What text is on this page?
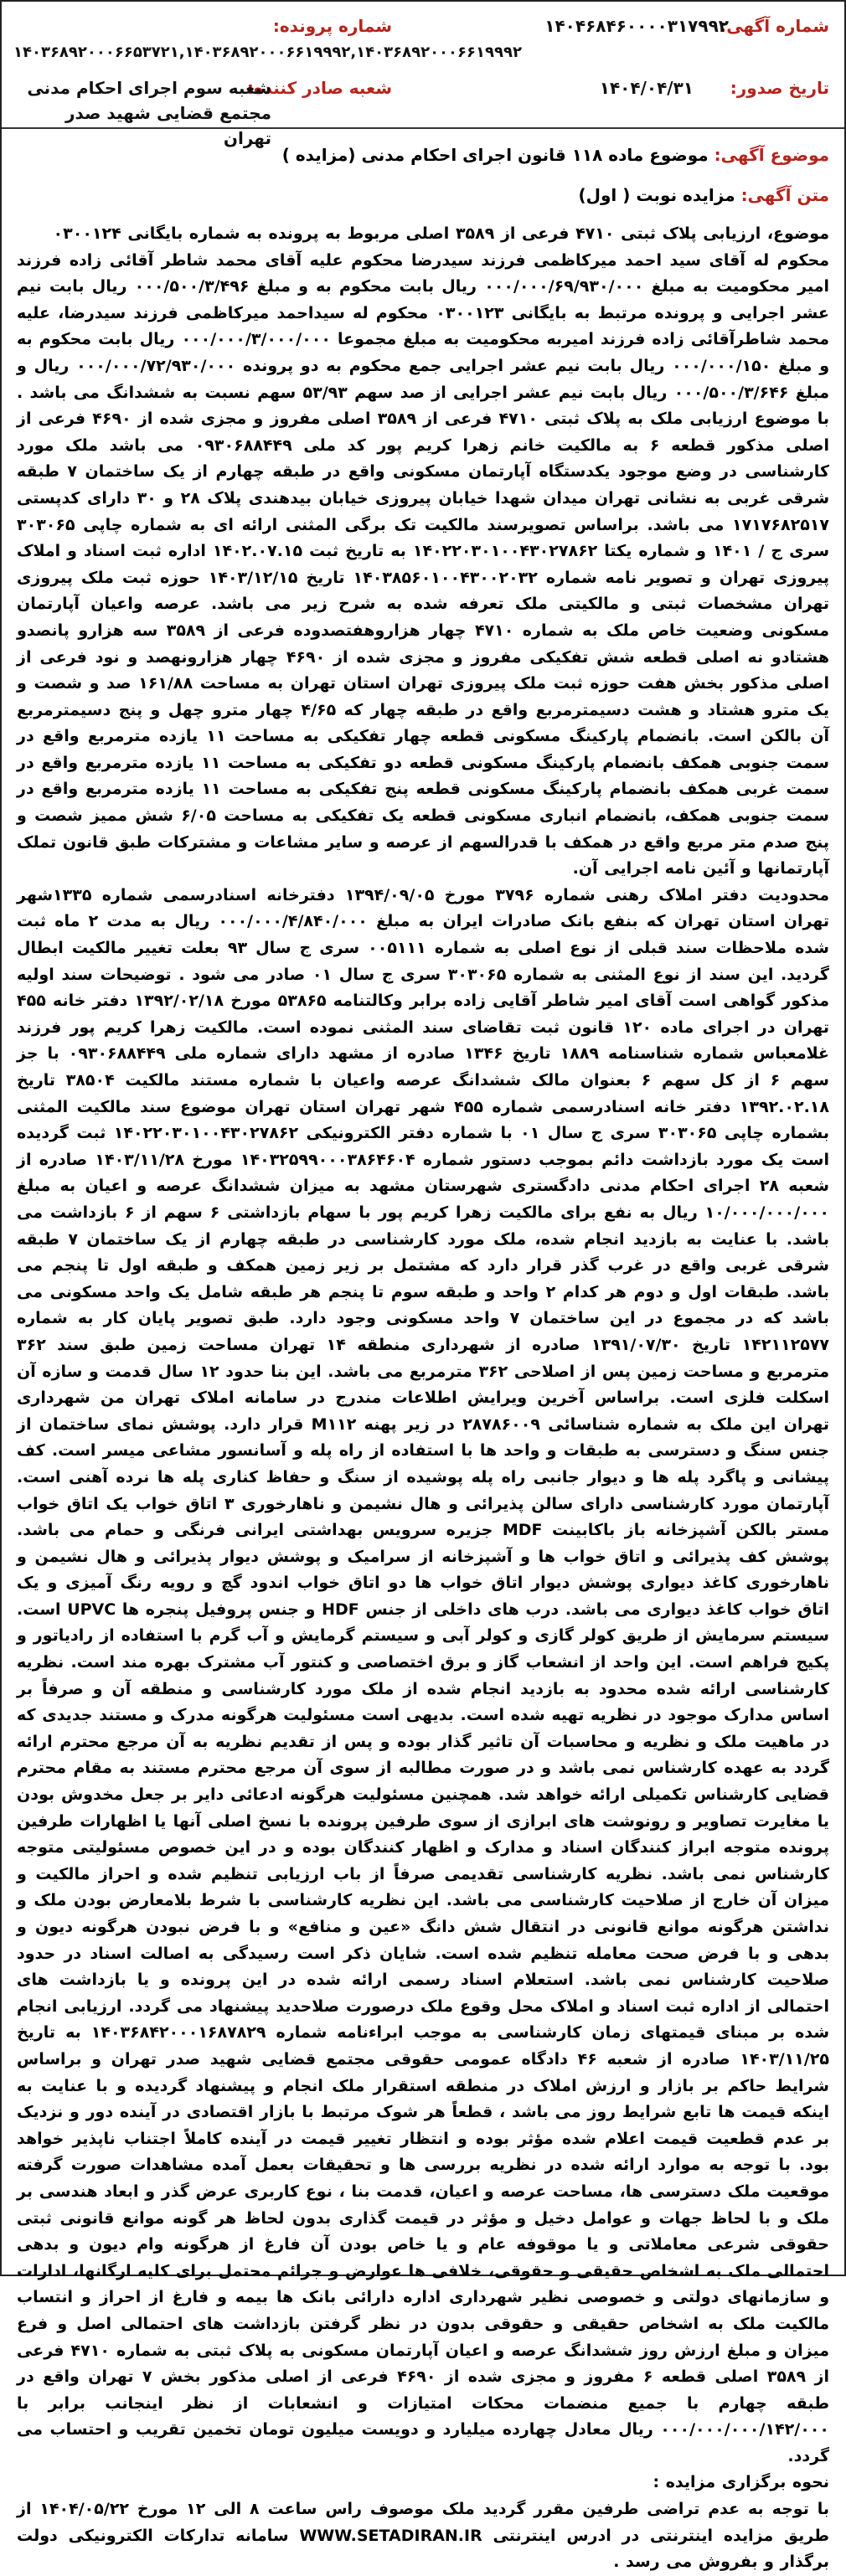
شماره آگهی:
۱۴۰۴۶۸۴۶۰۰۰۰۳۱۷۹۹۲
شماره پرونده:
۱۴۰۳۶۸۹۲۰۰۰۶۶۵۳۷۲۱,۱۴۰۳۶۸۹۲۰۰۰۶۶۱۹۹۹۲,۱۴۰۳۶۸۹۲۰۰۰۶۶۱۹۹۹۲
تاریخ صدور:
۱۴۰۴/۰۴/۳۱
شعبه صادر کننده:
شعبه سوم اجرای احکام مدنی مجتمع قضایی شهید صدر تهران
موضوع آگهی: موضوع ماده ۱۱۸ قانون اجرای احکام مدنی (مزایده )
متن آگهی: مزایده نوبت ( اول)

موضوع، ارزیابی پلاک ثبتی ۴۷۱۰ فرعی از ۳۵۸۹ اصلی مربوط به پرونده به شماره بایگانی ۰۳۰۰۱۲۴

محکوم له آقای سید احمد میرکاظمی فرزند سیدرضا محکوم علیه آقای محمد شاطر آقائی زاده فرزند امیر محکومیت به مبلغ ۰۰۰/۰۰۰/۶۹/۹۳۰/۰۰۰ ریال بابت محکوم به و مبلغ ۰۰۰/۵۰۰/۳/۴۹۶ ریال بابت نیم عشر اجرایی و پرونده مرتبط به بایگانی ۰۳۰۰۱۲۳ محکوم له سیداحمد میرکاظمی فرزند سیدرضا، علیه محمد شاطرآقائی زاده فرزند امیربه محکومیت به مبلغ مجموعا ۰۰۰/۰۰۰/۳/۰۰۰/۰۰۰ ریال بابت محکوم به و مبلغ ۰۰۰/۰۰۰/۱۵۰ ریال بابت نیم عشر اجرایی جمع محکوم به دو پرونده ۰۰۰/۰۰۰/۷۲/۹۳۰/۰۰۰ ریال و مبلغ ۰۰۰/۵۰۰/۳/۶۴۶ ریال بابت نیم عشر اجرایی از صد سهم ۵۳/۹۳ سهم نسبت به ششدانگ می باشد . با موضوع ارزیابی ملک به پلاک ثبتی ۴۷۱۰ فرعی از ۳۵۸۹ اصلی مفروز و مجزی شده از ۴۶۹۰ فرعی از اصلی مذکور قطعه ۶ به مالکیت خانم زهرا کریم پور کد ملی ۰۹۳۰۶۸۸۴۴۹ می باشد ملک مورد کارشناسی در وضع موجود یکدستگاه آپارتمان مسکونی واقع در طبقه چهارم از یک ساختمان ۷ طبقه شرقی غربی به نشانی تهران میدان شهدا خیابان پیروزی خیابان بیدهندی پلاک ۲۸ و ۳۰ دارای کدپستی ۱۷۱۷۶۸۲۵۱۷ می باشد. براساس تصویرسند مالکیت تک برگی المثنی ارائه ای به شماره چاپی ۳۰۳۰۶۵ سری ج / ۱۴۰۱ و شماره یکتا ۱۴۰۲۲۰۳۰۱۰۰۴۳۰۲۷۸۶۲ به تاریخ ثبت ۱۴۰۲.۰۷.۱۵ اداره ثبت اسناد و املاک پیروزی تهران و تصویر نامه شماره ۱۴۰۳۸۵۶۰۱۰۰۴۳۰۰۲۰۳۲ تاریخ ۱۴۰۳/۱۲/۱۵ حوزه ثبت ملک پیروزی تهران مشخصات ثبتی و مالکیتی ملک تعرفه شده به شرح زیر می باشد. عرصه واعیان آپارتمان مسکونی وضعیت خاص ملک به شماره ۴۷۱۰ چهار هزاروهفتصدوده فرعی از ۳۵۸۹ سه هزارو پانصدو هشتادو نه اصلی قطعه شش تفکیکی مفروز و مجزی شده از ۴۶۹۰ چهار هزارونهصد و نود فرعی از اصلی مذکور بخش هفت حوزه ثبت ملک پیروزی تهران استان تهران به مساحت ۱۶۱/۸۸ صد و شصت و یک مترو هشتاد و هشت دسیمترمربع واقع در طبقه چهار که ۴/۶۵ چهار مترو چهل و پنج دسیمترمربع آن بالکن است. بانضمام پارکینگ مسکونی قطعه چهار تفکیکی به مساحت ۱۱ یازده مترمربع واقع در سمت جنوبی همکف بانضمام پارکینگ مسکونی قطعه دو تفکیکی به مساحت ۱۱ یازده مترمربع واقع در سمت غربی همکف بانضمام پارکینگ مسکونی قطعه پنج تفکیکی به مساحت ۱۱ یازده مترمربع واقع در سمت جنوبی همکف، بانضمام انباری مسکونی قطعه یک تفکیکی به مساحت ۶/۰۵ شش ممیز شصت و پنج صدم متر مربع واقع در همکف با قدرالسهم از عرصه و سایر مشاعات و مشترکات طبق قانون تملک آپارتمانها و آئین نامه اجرایی آن.

محدودیت دفتر املاک رهنی شماره ۳۷۹۶ مورخ ۱۳۹۴/۰۹/۰۵ دفترخانه اسنادرسمی شماره ۱۳۳۵شهر تهران استان تهران که بنفع بانک صادرات ایران به مبلغ ۰۰۰/۰۰۰/۴/۸۴۰/۰۰۰ ریال به مدت ۲ ماه ثبت شده ملاحظات سند قبلی از نوع اصلی به شماره ۰۰۵۱۱۱ سری ج سال ۹۳ بعلت تغییر مالکیت ابطال گردید. این سند از نوع المثنی به شماره ۳۰۳۰۶۵ سری ج سال ۰۱ صادر می شود . توضیحات سند اولیه مذکور گواهی است آقای امیر شاطر آقایی زاده برابر وکالتنامه ۵۳۸۶۵ مورخ ۱۳۹۲/۰۲/۱۸ دفتر خانه ۴۵۵ تهران در اجرای ماده ۱۲۰ قانون ثبت تقاضای سند المثنی نموده است. مالکیت زهرا کریم پور فرزند غلامعباس شماره شناسنامه ۱۸۸۹ تاریخ ۱۳۴۶ صادره از مشهد دارای شماره ملی ۰۹۳۰۶۸۸۴۴۹ با جز سهم ۶ از کل سهم ۶ بعنوان مالک ششدانگ عرصه واعیان با شماره مستند مالکیت ۳۸۵۰۴ تاریخ ۱۳۹۲.۰۲.۱۸ دفتر خانه اسنادرسمی شماره ۴۵۵ شهر تهران استان تهران موضوع سند مالکیت المثنی بشماره چاپی ۳۰۳۰۶۵ سری ج سال ۰۱ با شماره دفتر الکترونیکی ۱۴۰۲۲۰۳۰۱۰۰۴۳۰۲۷۸۶۲ ثبت گردیده است یک مورد بازداشت دائم بموجب دستور شماره ۱۴۰۳۲۵۹۹۰۰۰۳۸۶۴۶۰۴ مورخ ۱۴۰۳/۱۱/۲۸ صادره از شعبه ۲۸ اجرای احکام مدنی دادگستری شهرستان مشهد به میزان ششدانگ عرصه و اعیان به مبلغ ۱۰/۰۰۰/۰۰۰/۰۰۰ ریال به نفع برای مالکیت زهرا کریم پور با سهام بازداشتی ۶ سهم از ۶ بازداشت می باشد. با عنایت به بازدید انجام شده، ملک مورد کارشناسی در طبقه چهارم از یک ساختمان ۷ طبقه شرقی غربی واقع در غرب گذر قرار دارد که مشتمل بر زیر زمین همکف و طبقه اول تا پنجم می باشد. طبقات اول و دوم هر کدام ۲ واحد و طبقه سوم تا پنجم هر طبقه شامل یک واحد مسکونی می باشد که در مجموع در این ساختمان ۷ واحد مسکونی وجود دارد. طبق تصویر پایان کار به شماره ۱۴۲۱۱۲۵۷۷ تاریخ ۱۳۹۱/۰۷/۳۰ صادره از شهرداری منطقه ۱۴ تهران مساحت زمین طبق سند ۳۶۲ مترمربع و مساحت زمین پس از اصلاحی ۳۶۲ مترمربع می باشد. این بنا حدود ۱۲ سال قدمت و سازه آن اسکلت فلزی است. براساس آخرین ویرایش اطلاعات مندرج در سامانه املاک تهران من شهرداری تهران این ملک به شماره شناسائی ۲۸۷۸۶۰۰۹ در زیر پهنه M۱۱۲ قرار دارد. پوشش نمای ساختمان از جنس سنگ و دسترسی به طبقات و واحد ها با استفاده از راه پله و آسانسور مشاعی میسر است. کف پیشانی و پاگرد پله ها و دیوار جانبی راه پله پوشیده از سنگ و حفاظ کناری پله ها نرده آهنی است. آپارتمان مورد کارشناسی دارای سالن پذیرائی و هال نشیمن و ناهارخوری ۳ اتاق خواب یک اتاق خواب مستر بالکن آشپزخانه باز باکابینت MDF جزیره سرویس بهداشتی ایرانی فرنگی و حمام می باشد. پوشش کف پذیرائی و اتاق خواب ها و آشپزخانه از سرامیک و پوشش دیوار پذیرائی و هال نشیمن و ناهارخوری کاغذ دیواری پوشش دیوار اتاق خواب ها دو اتاق خواب اندود گچ و رویه رنگ آمیزی و یک اتاق خواب کاغذ دیواری می باشد. درب های داخلی از جنس HDF و جنس پروفیل پنجره ها UPVC است. سیستم سرمایش از طریق کولر گازی و کولر آبی و سیستم گرمایش و آب گرم با استفاده از رادیاتور و پکیج فراهم است. این واحد از انشعاب گاز و برق اختصاصی و کنتور آب مشترک بهره مند است. نظریه کارشناسی ارائه شده محدود به بازدید انجام شده از ملک مورد کارشناسی و منطقه آن و صرفاً بر اساس مدارک موجود در نظریه تهیه شده است. بدیهی است مسئولیت هرگونه مدرک و مستند جدیدی که در ماهیت ملک و نظریه و محاسبات آن تاثیر گذار بوده و پس از تقدیم نظریه به آن مرجع محترم ارائه گردد به عهده کارشناس نمی باشد و در صورت مطالبه از سوی آن مرجع محترم مستند به مقام محترم قضایی کارشناس تکمیلی ارائه خواهد شد. همچنین مسئولیت هرگونه ادعائی دایر بر جعل مخدوش بودن یا مغایرت تصاویر و رونوشت های ابرازی از سوی طرفین پرونده با نسخ اصلی آنها یا اظهارات طرفین پرونده متوجه ابراز کنندگان اسناد و مدارک و اظهار کنندگان بوده و در این خصوص مسئولیتی متوجه کارشناس نمی باشد. نظریه کارشناسی تقدیمی صرفاً از باب ارزیابی تنظیم شده و احراز مالکیت و میزان آن خارج از صلاحیت کارشناسی می باشد. این نظریه کارشناسی با شرط بلامعارض بودن ملک و نداشتن هرگونه موانع قانونی در انتقال شش دانگ «عین و منافع» و با فرض نبودن هرگونه دیون و بدهی و با فرض صحت معامله تنظیم شده است. شایان ذکر است رسیدگی به اصالت اسناد در حدود صلاحیت کارشناس نمی باشد. استعلام اسناد رسمی ارائه شده در این پرونده و یا بازداشت های احتمالی از اداره ثبت اسناد و املاک محل وقوع ملک درصورت صلاحدید پیشنهاد می گردد. ارزیابی انجام شده بر مبنای قیمتهای زمان کارشناسی به موجب ابراءنامه شماره ۱۴۰۳۶۸۴۲۰۰۰۱۶۸۷۸۲۹ به تاریخ ۱۴۰۳/۱۱/۲۵ صادره از شعبه ۴۶ دادگاه عمومی حقوقی مجتمع قضایی شهید صدر تهران و براساس شرایط حاکم بر بازار و ارزش املاک در منطقه استقرار ملک انجام و پیشنهاد گردیده و با عنایت به اینکه قیمت ها تابع شرایط روز می باشد ، قطعاً هر شوک مرتبط با بازار اقتصادی در آینده دور و نزدیک بر عدم قطعیت قیمت اعلام شده مؤثر بوده و انتظار تغییر قیمت در آینده کاملاً اجتناب ناپذیر خواهد بود. با توجه به موارد ارائه شده در نظریه بررسی ها و تحقیقات بعمل آمده مشاهدات صورت گرفته موقعیت ملک دسترسی ها، مساحت عرصه و اعیان، قدمت بنا ، نوع کاربری عرض گذر و ابعاد هندسی بر ملک و با لحاظ جهات و عوامل دخیل و مؤثر در قیمت گذاری بدون لحاظ هر گونه موانع قانونی ثبتی حقوقی شرعی معاملاتی و یا موقوفه عام و یا خاص بودن آن فارغ از هرگونه وام دیون و بدهی احتمالی ملک به اشخاص حقیقی و حقوقی، خلافی ها عوارض و جرائم محتمل برای کلیه ارگانها، ادارات و سازمانهای دولتی و خصوصی نظیر شهرداری اداره دارائی بانک ها بیمه و فارغ از احراز و انتساب مالکیت ملک به اشخاص حقیقی و حقوقی بدون در نظر گرفتن بازداشت های احتمالی اصل و فرع میزان و مبلغ ارزش روز ششدانگ عرصه و اعیان آپارتمان مسکونی به پلاک ثبتی به شماره ۴۷۱۰ فرعی از ۳۵۸۹ اصلی قطعه ۶ مفروز و مجزی شده از ۴۶۹۰ فرعی از اصلی مذکور بخش ۷ تهران واقع در طبقه چهارم با جمیع منضمات محکات امتیازات و انشعابات از نظر اینجانب برابر با ۰۰۰/۰۰۰/۰۰۰/۱۴۲/۰۰۰ ریال معادل چهارده میلیارد و دویست میلیون تومان تخمین تقریب و احتساب می گردد.

نحوه برگزاری مزایده :

با توجه به عدم تراضی طرفین مقرر گردید ملک موصوف راس ساعت ۸ الی ۱۲ مورخ ۱۴۰۴/۰۵/۲۲ از طریق مزایده اینترنتی در ادرس اینترنتی WWW.SETADIRAN.IR سامانه تدارکات الکترونیکی دولت برگذار و بفروش می رسد .
